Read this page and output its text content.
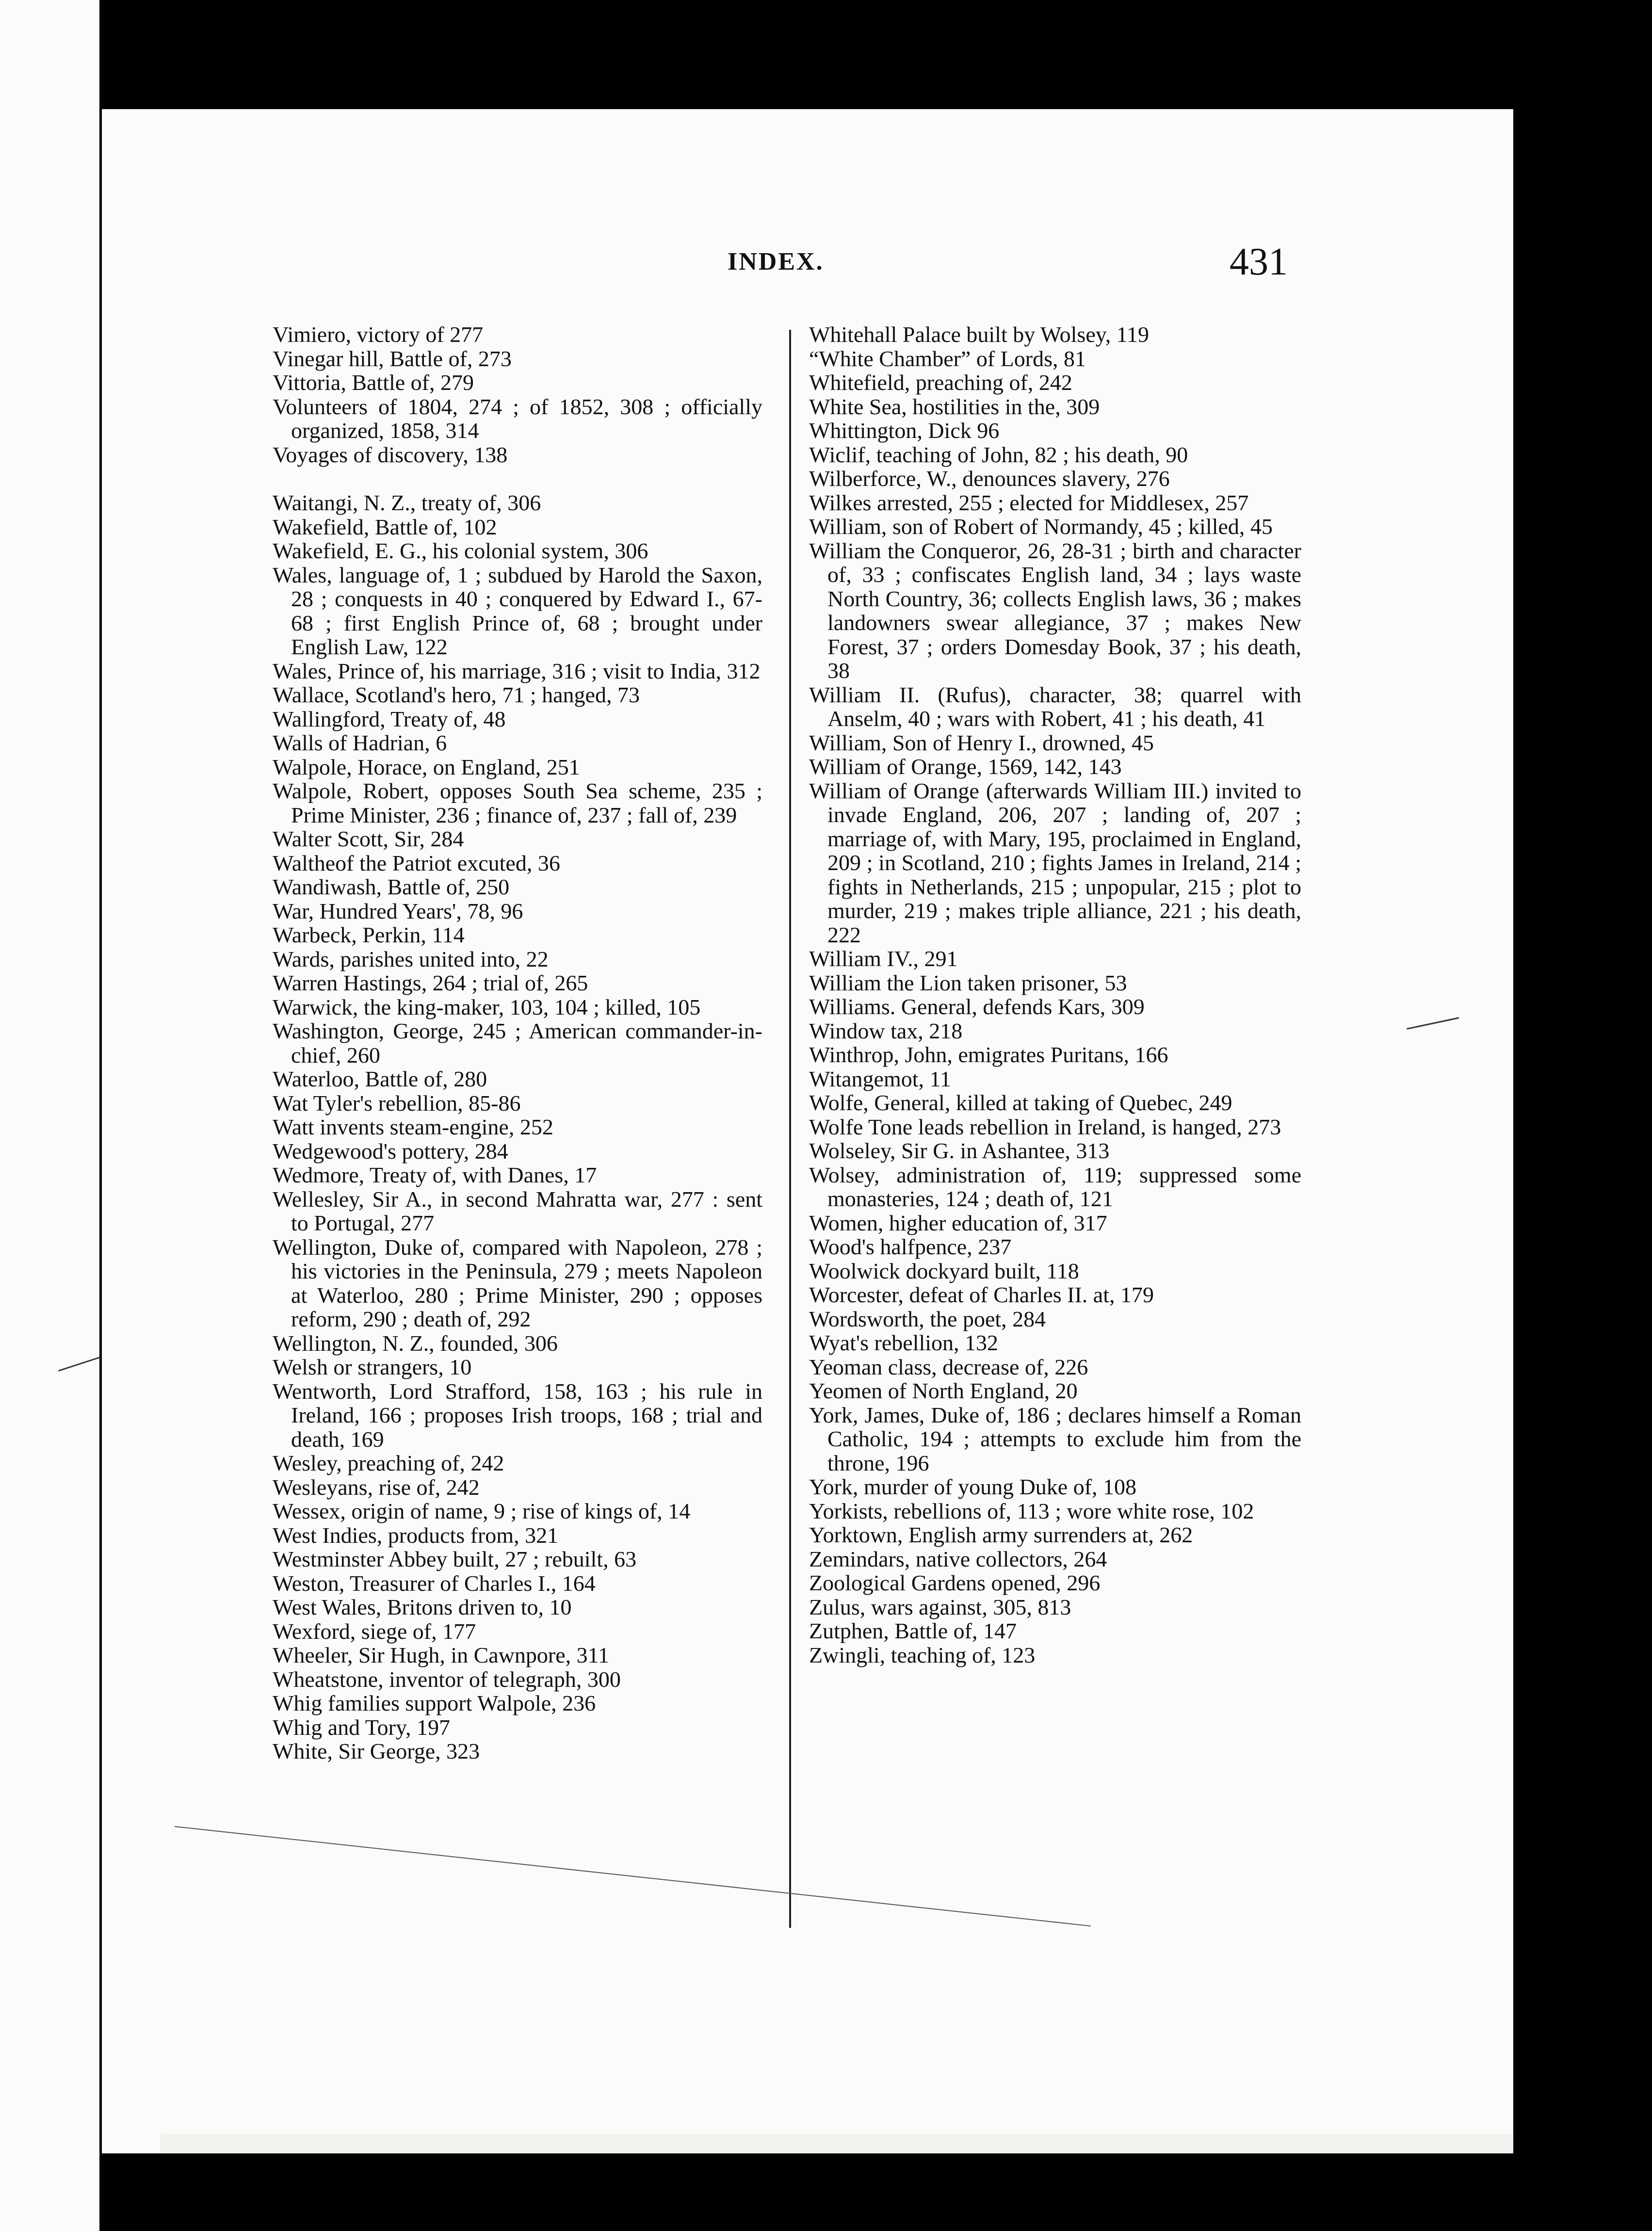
INDEX.	431
Vimiero, victory of 277
Vinegar hill, Battle of, 273
Vittoria, Battle of, 279
Volunteers of 1804, 274 ; of 1852, 308 ; officially organized, 1858, 314
Voyages of discovery, 138
Waitangi, N. Z., treaty of, 306
Wakefield, Battle of, 102
Wakefield, E. G., his colonial system, 306
Wales, language of, 1 ; subdued by Harold the Saxon, 28 ; conquests in 40 ; conquered by Edward I., 67-68 ; first English Prince of, 68 ; brought under English Law, 122
Wales, Prince of, his marriage, 316 ; visit to India, 312
Wallace, Scotland's hero, 71 ; hanged, 73
Wallingford, Treaty of, 48
Walls of Hadrian, 6
Walpole, Horace, on England, 251
Walpole, Robert, opposes South Sea scheme, 235 ; Prime Minister, 236 ; finance of, 237 ; fall of, 239
Walter Scott, Sir, 284
Waltheof the Patriot excuted, 36
Wandiwash, Battle of, 250
War, Hundred Years', 78, 96
Warbeck, Perkin, 114
Wards, parishes united into, 22
Warren Hastings, 264 ; trial of, 265
Warwick, the king-maker, 103, 104 ; killed, 105
Washington, George, 245 ; American commander-in-chief, 260
Waterloo, Battle of, 280
Wat Tyler's rebellion, 85-86
Watt invents steam-engine, 252
Wedgewood's pottery, 284
Wedmore, Treaty of, with Danes, 17
Wellesley, Sir A., in second Mahratta war, 277 : sent to Portugal, 277
Wellington, Duke of, compared with Napoleon, 278 ; his victories in the Peninsula, 279 ; meets Napoleon at Waterloo, 280 ; Prime Minister, 290 ; opposes reform, 290 ; death of, 292
Wellington, N. Z., founded, 306
Welsh or strangers, 10
Wentworth, Lord Strafford, 158, 163 ; his rule in Ireland, 166 ; proposes Irish troops, 168 ; trial and death, 169
Wesley, preaching of, 242
Wesleyans, rise of, 242
Wessex, origin of name, 9 ; rise of kings of, 14
West Indies, products from, 321
Westminster Abbey built, 27 ; rebuilt, 63
Weston, Treasurer of Charles I., 164
West Wales, Britons driven to, 10
Wexford, siege of, 177
Wheeler, Sir Hugh, in Cawnpore, 311
Wheatstone, inventor of telegraph, 300
Whig families support Walpole, 236
Whig and Tory, 197
White, Sir George, 323
Whitehall Palace built by Wolsey, 119
“White Chamber” of Lords, 81
Whitefield, preaching of, 242
White Sea, hostilities in the, 309
Whittington, Dick 96
Wiclif, teaching of John, 82 ; his death, 90
Wilberforce, W., denounces slavery, 276
Wilkes arrested, 255 ; elected for Middlesex, 257
William, son of Robert of Normandy, 45 ; killed, 45
William the Conqueror, 26, 28-31 ; birth and character of, 33 ; confiscates English land, 34 ; lays waste North Country, 36; collects English laws, 36 ; makes landowners swear allegiance, 37 ; makes New Forest, 37 ; orders Domesday Book, 37 ; his death, 38
William II. (Rufus), character, 38; quarrel with Anselm, 40 ; wars with Robert, 41 ; his death, 41
William, Son of Henry I., drowned, 45
William of Orange, 1569, 142, 143
William of Orange (afterwards William III.) invited to invade England, 206, 207 ; landing of, 207 ; marriage of, with Mary, 195, proclaimed in England, 209 ; in Scotland, 210 ; fights James in Ireland, 214 ; fights in Netherlands, 215 ; unpopular, 215 ; plot to murder, 219 ; makes triple alliance, 221 ; his death, 222
William IV., 291
William the Lion taken prisoner, 53
Williams. General, defends Kars, 309
Window tax, 218
Winthrop, John, emigrates Puritans, 166
Witangemot, 11
Wolfe, General, killed at taking of Quebec, 249
Wolfe Tone leads rebellion in Ireland, is hanged, 273
Wolseley, Sir G. in Ashantee, 313
Wolsey, administration of, 119; suppressed some monasteries, 124 ; death of, 121
Women, higher education of, 317
Wood's halfpence, 237
Woolwick dockyard built, 118
Worcester, defeat of Charles II. at, 179
Wordsworth, the poet, 284
Wyat's rebellion, 132
Yeoman class, decrease of, 226
Yeomen of North England, 20
York, James, Duke of, 186 ; declares himself a Roman Catholic, 194 ; attempts to exclude him from the throne, 196
York, murder of young Duke of, 108
Yorkists, rebellions of, 113 ; wore white rose, 102
Yorktown, English army surrenders at, 262
Zemindars, native collectors, 264
Zoological Gardens opened, 296
Zulus, wars against, 305, 813
Zutphen, Battle of, 147
Zwingli, teaching of, 123
